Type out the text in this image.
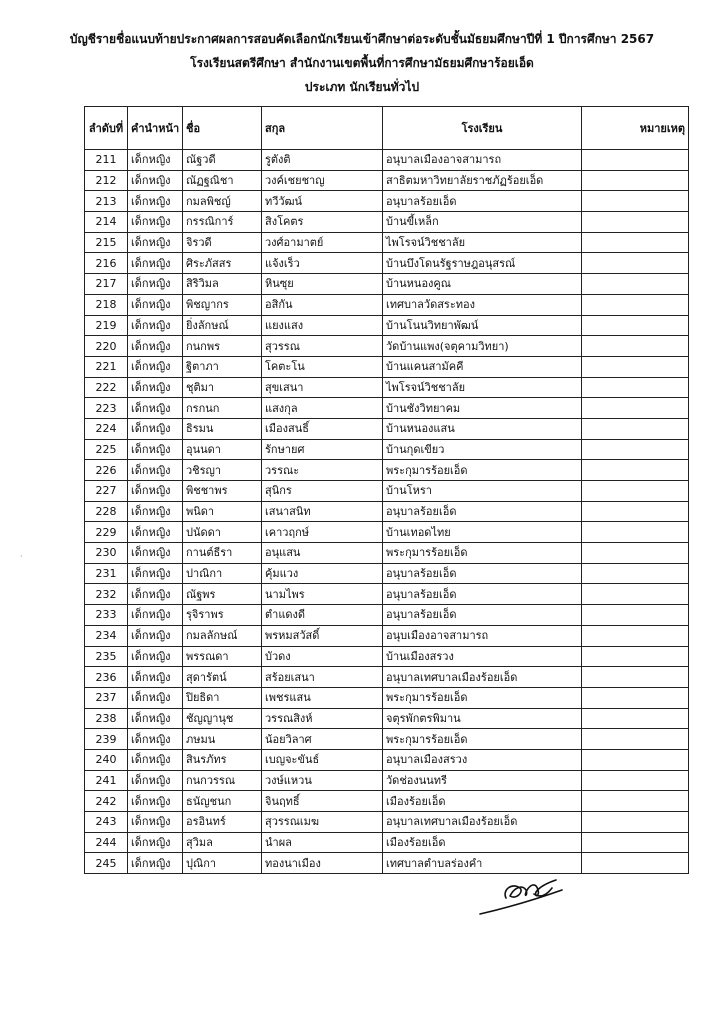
บัญชีรายชื่อแนบท้ายประกาศผลการสอบคัดเลือกนักเรียนเข้าศึกษาต่อระดับชั้นมัธยมศึกษาปีที่ 1 ปีการศึกษา 2567
โรงเรียนสตรีศึกษา สำนักงานเขตพื้นที่การศึกษามัธยมศึกษาร้อยเอ็ด
ประเภท นักเรียนทั่วไป
ลำดับที่	คำนำหน้า	ชื่อ	สกุล	โรงเรียน	หมายเหตุ
211	เด็กหญิง	ณัฐวดี	รูตังติ	อนุบาลเมืองอาจสามารถ	
212	เด็กหญิง	ณัฏฐณิชา	วงค์เชยชาญ	สาธิตมหาวิทยาลัยราชภัฏร้อยเอ็ด	
213	เด็กหญิง	กมลพิชญ์	ทวีวัฒน์	อนุบาลร้อยเอ็ด	
214	เด็กหญิง	กรรณิการ์	สิงโคตร	บ้านขี้เหล็ก	
215	เด็กหญิง	จิรวดี	วงศ์อามาตย์	ไพโรจน์วิชชาลัย	
216	เด็กหญิง	ศิระภัสสร	แจ้งเร็ว	บ้านบึงโดนรัฐราษฎอนุสรณ์	
217	เด็กหญิง	สิริวิมล	หินซุย	บ้านหนองคูณ	
218	เด็กหญิง	พิชญากร	อสิกัน	เทศบาลวัดสระทอง	
219	เด็กหญิง	ยิ่งลักษณ์	แยงแสง	บ้านโนนวิทยาพัฒน์	
220	เด็กหญิง	กนกพร	สุวรรณ	วัดบ้านแพง(จตุคามวิทยา)	
221	เด็กหญิง	ฐิตาภา	โคตะโน	บ้านแคนสามัคคี	
222	เด็กหญิง	ชุติมา	สุขเสนา	ไพโรจน์วิชชาลัย	
223	เด็กหญิง	กรกนก	แสงกุล	บ้านชังวิทยาคม	
224	เด็กหญิง	ธิรมน	เมืองสนธิ์	บ้านหนองแสน	
225	เด็กหญิง	อุนนดา	รักษายศ	บ้านกุดเขียว	
226	เด็กหญิง	วชิรญา	วรรณะ	พระกุมารร้อยเอ็ด	
227	เด็กหญิง	พิชชาพร	สุนิกร	บ้านโหรา	
228	เด็กหญิง	พนิดา	เสนาสนิท	อนุบาลร้อยเอ็ด	
229	เด็กหญิง	ปนัดดา	เคาวฤกษ์	บ้านเทอดไทย	
230	เด็กหญิง	กานต์ธีรา	อนุแสน	พระกุมารร้อยเอ็ด	
231	เด็กหญิง	ปาณิกา	คุ้มแวง	อนุบาลร้อยเอ็ด	
232	เด็กหญิง	ณัฐพร	นามไพร	อนุบาลร้อยเอ็ด	
233	เด็กหญิง	รุจิราพร	ตำแดงดี	อนุบาลร้อยเอ็ด	
234	เด็กหญิง	กมลลักษณ์	พรหมสวัสดิ์	อนุบเมืองอาจสามารถ	
235	เด็กหญิง	พรรณดา	บัวดง	บ้านเมืองสรวง	
236	เด็กหญิง	สุดารัตน์	สร้อยเสนา	อนุบาลเทศบาลเมืองร้อยเอ็ด	
237	เด็กหญิง	ปิยธิดา	เพชรแสน	พระกุมารร้อยเอ็ด	
238	เด็กหญิง	ชัญญานุช	วรรณสิงห์	จตุรพักตรพิมาน	
239	เด็กหญิง	ภษมน	น้อยวิลาศ	พระกุมารร้อยเอ็ด	
240	เด็กหญิง	สินรภัทร	เบญจะขันธ์	อนุบาลเมืองสรวง	
241	เด็กหญิง	กนกวรรณ	วงษ์แหวน	วัดช่องนนทรี	
242	เด็กหญิง	ธนัญชนก	จินฤทธิ์	เมืองร้อยเอ็ด	
243	เด็กหญิง	อรอินทร์	สุวรรณเมฆ	อนุบาลเทศบาลเมืองร้อยเอ็ด	
244	เด็กหญิง	สุวิมล	นำผล	เมืองร้อยเอ็ด	
245	เด็กหญิง	ปุณิกา	ทองนาเมือง	เทศบาลตำบลร่องคำ	
·
